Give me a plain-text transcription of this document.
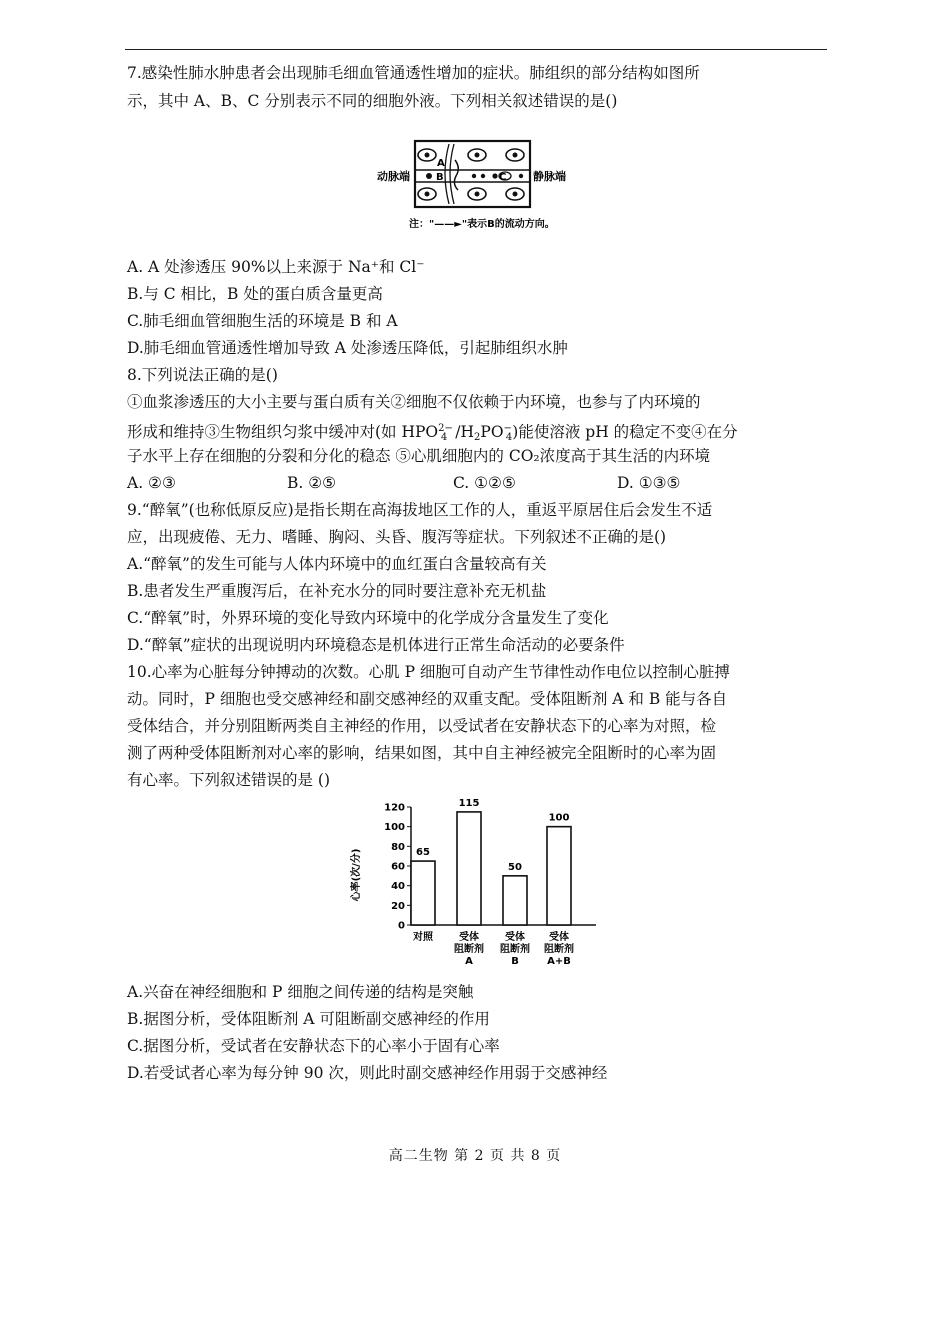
7.感染性肺水肿患者会出现肺毛细血管通透性增加的症状。肺组织的部分结构如图所
示，其中 A、B、C 分别表示不同的细胞外液。下列相关叙述错误的是()
A
B	C
动脉端	静脉端
注："——►"表示B的流动方向。
A. A 处渗透压 90%以上来源于 Na⁺和 Cl⁻
B.与 C 相比，B 处的蛋白质含量更高
C.肺毛细血管细胞生活的环境是 B 和 A
D.肺毛细血管通透性增加导致 A 处渗透压降低，引起肺组织水肿
8.下列说法正确的是()
①血浆渗透压的大小主要与蛋白质有关②细胞不仅依赖于内环境，也参与了内环境的
形成和维持③生物组织匀浆中缓冲对(如 $HPO^{2-}_4$ $/H_2PO^-_4$)能使溶液 pH 的稳定不变④在分
子水平上存在细胞的分裂和分化的稳态 ⑤心肌细胞内的 CO₂浓度高于其生活的内环境
A. ②③	B. ②⑤	C. ①②⑤	D. ①③⑤
9.“醉氧”(也称低原反应)是指长期在高海拔地区工作的人，重返平原居住后会发生不适
应，出现疲倦、无力、嗜睡、胸闷、头昏、腹泻等症状。下列叙述不正确的是()
A.“醉氧”的发生可能与人体内环境中的血红蛋白含量较高有关
B.患者发生严重腹泻后，在补充水分的同时要注意补充无机盐
C.“醉氧”时，外界环境的变化导致内环境中的化学成分含量发生了变化
D.“醉氧”症状的出现说明内环境稳态是机体进行正常生命活动的必要条件
10.心率为心脏每分钟搏动的次数。心肌 P 细胞可自动产生节律性动作电位以控制心脏搏
动。同时，P 细胞也受交感神经和副交感神经的双重支配。受体阻断剂 A 和 B 能与各自
受体结合，并分别阻断两类自主神经的作用，以受试者在安静状态下的心率为对照，检
测了两种受体阻断剂对心率的影响，结果如图，其中自主神经被完全阻断时的心率为固
有心率。下列叙述错误的是 ()
心率(次/分)
0
20
40
60
80
100
120
65
对照
115
受体
阻断剂
A
50
受体
阻断剂
B
100
受体
阻断剂
A+B
A.兴奋在神经细胞和 P 细胞之间传递的结构是突触
B.据图分析，受体阻断剂 A 可阻断副交感神经的作用
C.据图分析，受试者在安静状态下的心率小于固有心率
D.若受试者心率为每分钟 90 次，则此时副交感神经作用弱于交感神经
高二生物 第 2 页 共 8 页
